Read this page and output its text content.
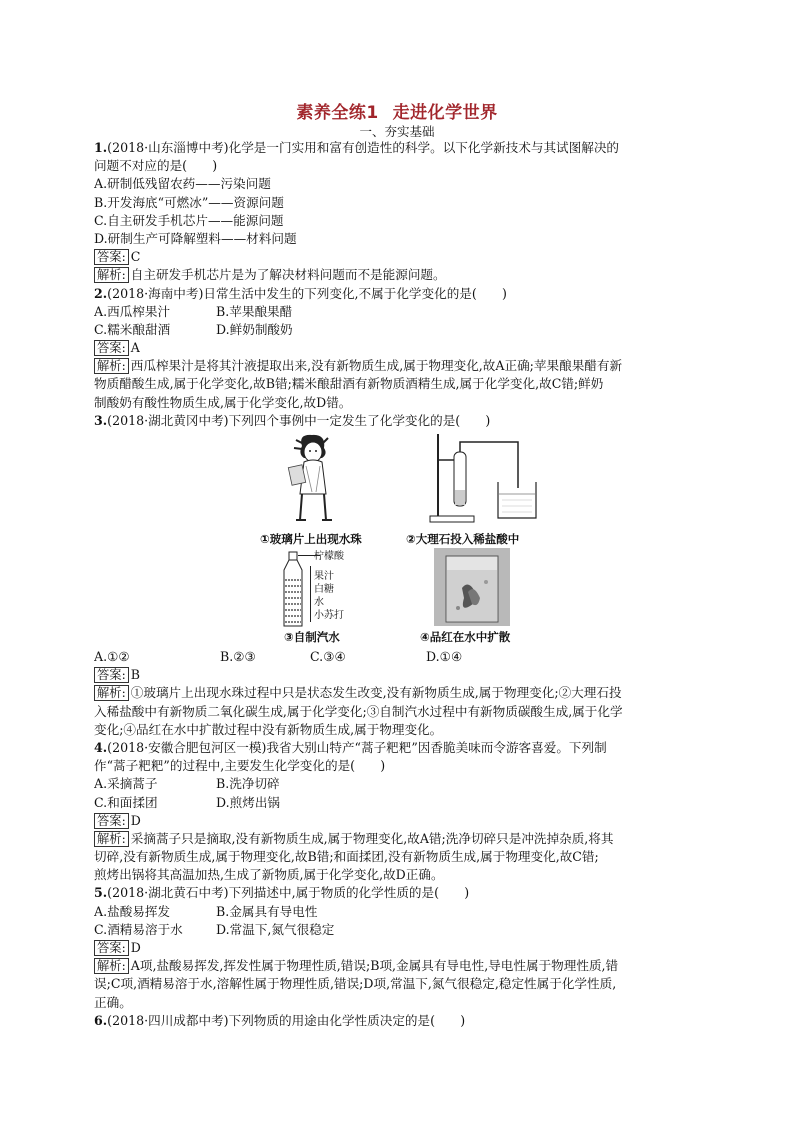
素养全练1 走进化学世界
一、夯实基础
1.(2018·山东淄博中考)化学是一门实用和富有创造性的科学。以下化学新技术与其试图解决的
问题不对应的是(　　)
A.研制低残留农药——污染问题
B.开发海底“可燃冰”——资源问题
C.自主研发手机芯片——能源问题
D.研制生产可降解塑料——材料问题
答案: C
解析: 自主研发手机芯片是为了解决材料问题而不是能源问题。
2.(2018·海南中考)日常生活中发生的下列变化,不属于化学变化的是(　　)
A.西瓜榨果汁	B.苹果酿果醋
C.糯米酿甜酒	D.鲜奶制酸奶
答案: A
解析: 西瓜榨果汁是将其汁液提取出来,没有新物质生成,属于物理变化,故A正确;苹果酿果醋有新
物质醋酸生成,属于化学变化,故B错;糯米酿甜酒有新物质酒精生成,属于化学变化,故C错;鲜奶
制酸奶有酸性物质生成,属于化学变化,故D错。
3.(2018·湖北黄冈中考)下列四个事例中一定发生了化学变化的是(　　)
①玻璃片上出现水珠	②大理石投入稀盐酸中
柠檬酸
果汁
白糖
水
小苏打
③自制汽水	④品红在水中扩散
A.①②	B.②③	C.③④	D.①④
答案: B
解析: ①玻璃片上出现水珠过程中只是状态发生改变,没有新物质生成,属于物理变化;②大理石投
入稀盐酸中有新物质二氧化碳生成,属于化学变化;③自制汽水过程中有新物质碳酸生成,属于化学
变化;④品红在水中扩散过程中没有新物质生成,属于物理变化。
4.(2018·安徽合肥包河区一模)我省大别山特产“蒿子粑粑”因香脆美味而令游客喜爱。下列制
作“蒿子粑粑”的过程中,主要发生化学变化的是(　　)
A.采摘蒿子	B.洗净切碎
C.和面揉团	D.煎烤出锅
答案: D
解析: 采摘蒿子只是摘取,没有新物质生成,属于物理变化,故A错;洗净切碎只是冲洗掉杂质,将其
切碎,没有新物质生成,属于物理变化,故B错;和面揉团,没有新物质生成,属于物理变化,故C错;
煎烤出锅将其高温加热,生成了新物质,属于化学变化,故D正确。
5.(2018·湖北黄石中考)下列描述中,属于物质的化学性质的是(　　)
A.盐酸易挥发	B.金属具有导电性
C.酒精易溶于水	D.常温下,氮气很稳定
答案: D
解析: A项,盐酸易挥发,挥发性属于物理性质,错误;B项,金属具有导电性,导电性属于物理性质,错
误;C项,酒精易溶于水,溶解性属于物理性质,错误;D项,常温下,氮气很稳定,稳定性属于化学性质,
正确。
6.(2018·四川成都中考)下列物质的用途由化学性质决定的是(　　)
